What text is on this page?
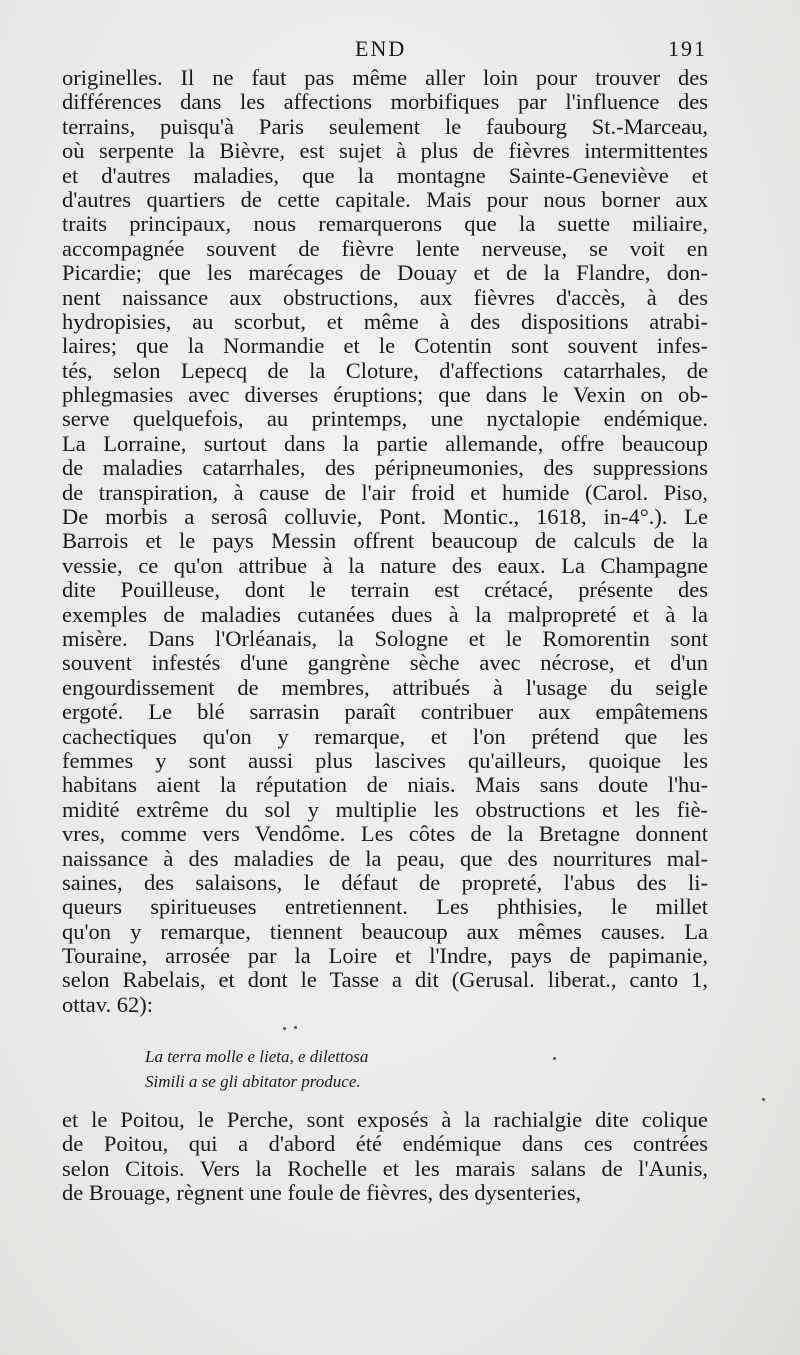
END	191
originelles. Il ne faut pas même aller loin pour trouver des
différences dans les affections morbifiques par l'influence des
terrains, puisqu'à Paris seulement le faubourg St.-Marceau,
où serpente la Bièvre, est sujet à plus de fièvres intermittentes
et d'autres maladies, que la montagne Sainte-Geneviève et
d'autres quartiers de cette capitale. Mais pour nous borner aux
traits principaux, nous remarquerons que la suette miliaire,
accompagnée souvent de fièvre lente nerveuse, se voit en
Picardie; que les marécages de Douay et de la Flandre, don-
nent naissance aux obstructions, aux fièvres d'accès, à des
hydropisies, au scorbut, et même à des dispositions atrabi-
laires; que la Normandie et le Cotentin sont souvent infes-
tés, selon Lepecq de la Cloture, d'affections catarrhales, de
phlegmasies avec diverses éruptions; que dans le Vexin on ob-
serve quelquefois, au printemps, une nyctalopie endémique.
La Lorraine, surtout dans la partie allemande, offre beaucoup
de maladies catarrhales, des péripneumonies, des suppressions
de transpiration, à cause de l'air froid et humide (Carol. Piso,
De morbis a serosâ colluvie, Pont. Montic., 1618, in-4°.). Le
Barrois et le pays Messin offrent beaucoup de calculs de la
vessie, ce qu'on attribue à la nature des eaux. La Champagne
dite Pouilleuse, dont le terrain est crétacé, présente des
exemples de maladies cutanées dues à la malpropreté et à la
misère. Dans l'Orléanais, la Sologne et le Romorentin sont
souvent infestés d'une gangrène sèche avec nécrose, et d'un
engourdissement de membres, attribués à l'usage du seigle
ergoté. Le blé sarrasin paraît contribuer aux empâtemens
cachectiques qu'on y remarque, et l'on prétend que les
femmes y sont aussi plus lascives qu'ailleurs, quoique les
habitans aient la réputation de niais. Mais sans doute l'hu-
midité extrême du sol y multiplie les obstructions et les fiè-
vres, comme vers Vendôme. Les côtes de la Bretagne donnent
naissance à des maladies de la peau, que des nourritures mal-
saines, des salaisons, le défaut de propreté, l'abus des li-
queurs spiritueuses entretiennent. Les phthisies, le millet
qu'on y remarque, tiennent beaucoup aux mêmes causes. La
Touraine, arrosée par la Loire et l'Indre, pays de papimanie,
selon Rabelais, et dont le Tasse a dit (Gerusal. liberat., canto 1,
ottav. 62):
La terra molle e lieta, e dilettosa
Simili a se gli abitator produce.
et le Poitou, le Perche, sont exposés à la rachialgie dite colique
de Poitou, qui a d'abord été endémique dans ces contrées
selon Citois. Vers la Rochelle et les marais salans de l'Aunis,
de Brouage, règnent une foule de fièvres, des dysenteries,
